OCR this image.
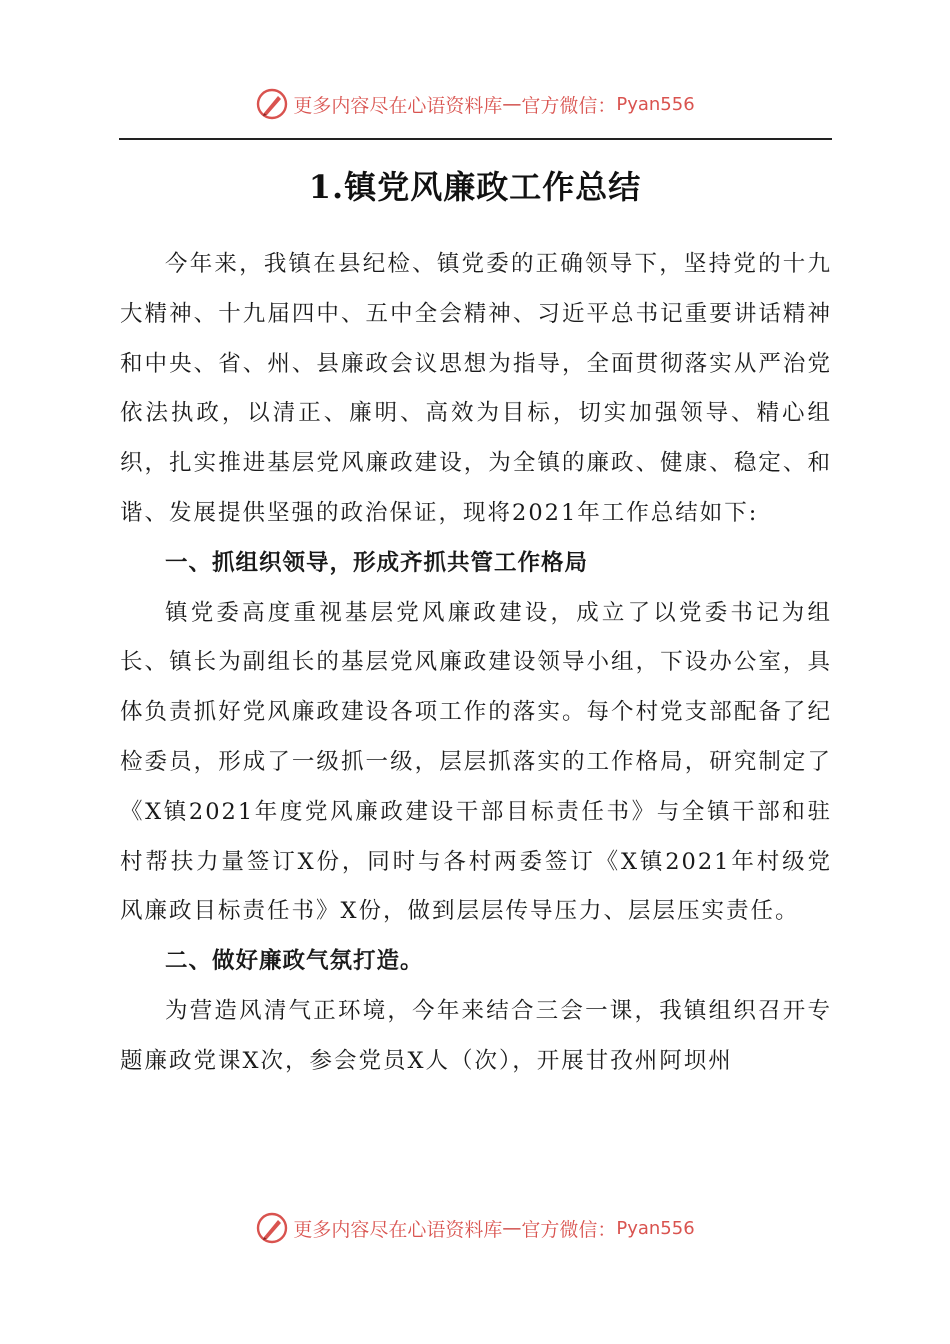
更多内容尽在心语资料库 — 官方微信： Pyan556
1.镇党风廉政工作总结

今年来，我镇在县纪检、镇党委的正确领导下，坚持党的十九大精神、十九届四中、五中全会精神、习近平总书记重要讲话精神和中央、省、州、县廉政会议思想为指导，全面贯彻落实从严治党依法执政，以清正、廉明、高效为目标，切实加强领导、精心组织，扎实推进基层党风廉政建设，为全镇的廉政、健康、稳定、和谐、发展提供坚强的政治保证，现将2021年工作总结如下:

一、抓组织领导，形成齐抓共管工作格局

镇党委高度重视基层党风廉政建设，成立了以党委书记为组长、镇长为副组长的基层党风廉政建设领导小组，下设办公室，具体负责抓好党风廉政建设各项工作的落实。每个村党支部配备了纪检委员，形成了一级抓一级，层层抓落实的工作格局，研究制定了《X镇2021年度党风廉政建设干部目标责任书》与全镇干部和驻村帮扶力量签订X份，同时与各村两委签订《X镇2021年村级党风廉政目标责任书》X份，做到层层传导压力、层层压实责任。

二、做好廉政气氛打造。

为营造风清气正环境，今年来结合三会一课，我镇组织召开专题廉政党课X次，参会党员X人（次），开展甘孜州阿坝州

更多内容尽在心语资料库 — 官方微信： Pyan556
